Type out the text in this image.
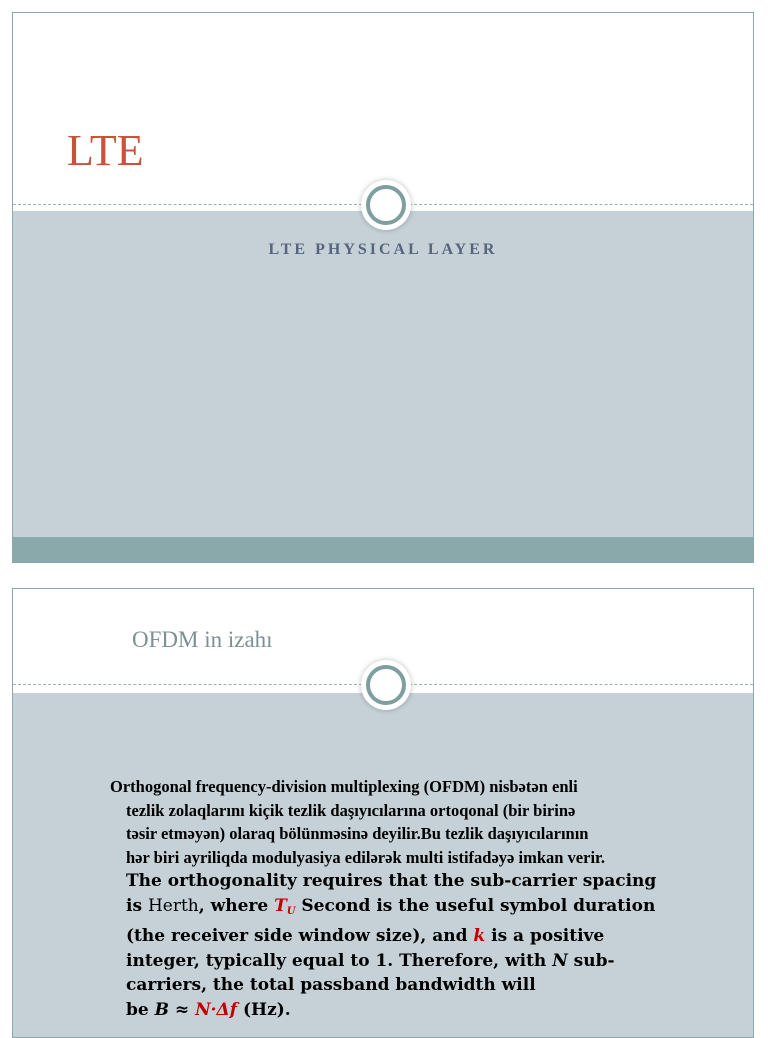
LTE
LTE PHYSICAL LAYER
OFDM in izahı

Orthogonal frequency-division multiplexing (OFDM) nisbətən enli
tezlik zolaqlarını kiçik tezlik daşıyıcılarına ortoqonal (bir birinə
təsir etməyən) olaraq bölünməsinə deyilir.Bu tezlik daşıyıcılarının
hər biri ayriliqda modulyasiya edilərək multi istifadəyə imkan verir.

The orthogonality requires that the sub-carrier spacing
is Herth, where $T_U$ Second is the useful symbol duration
(the receiver side window size), and k is a positive
integer, typically equal to 1. Therefore, with N sub-
carriers, the total passband bandwidth will
be B ≈ N·Δf (Hz).
